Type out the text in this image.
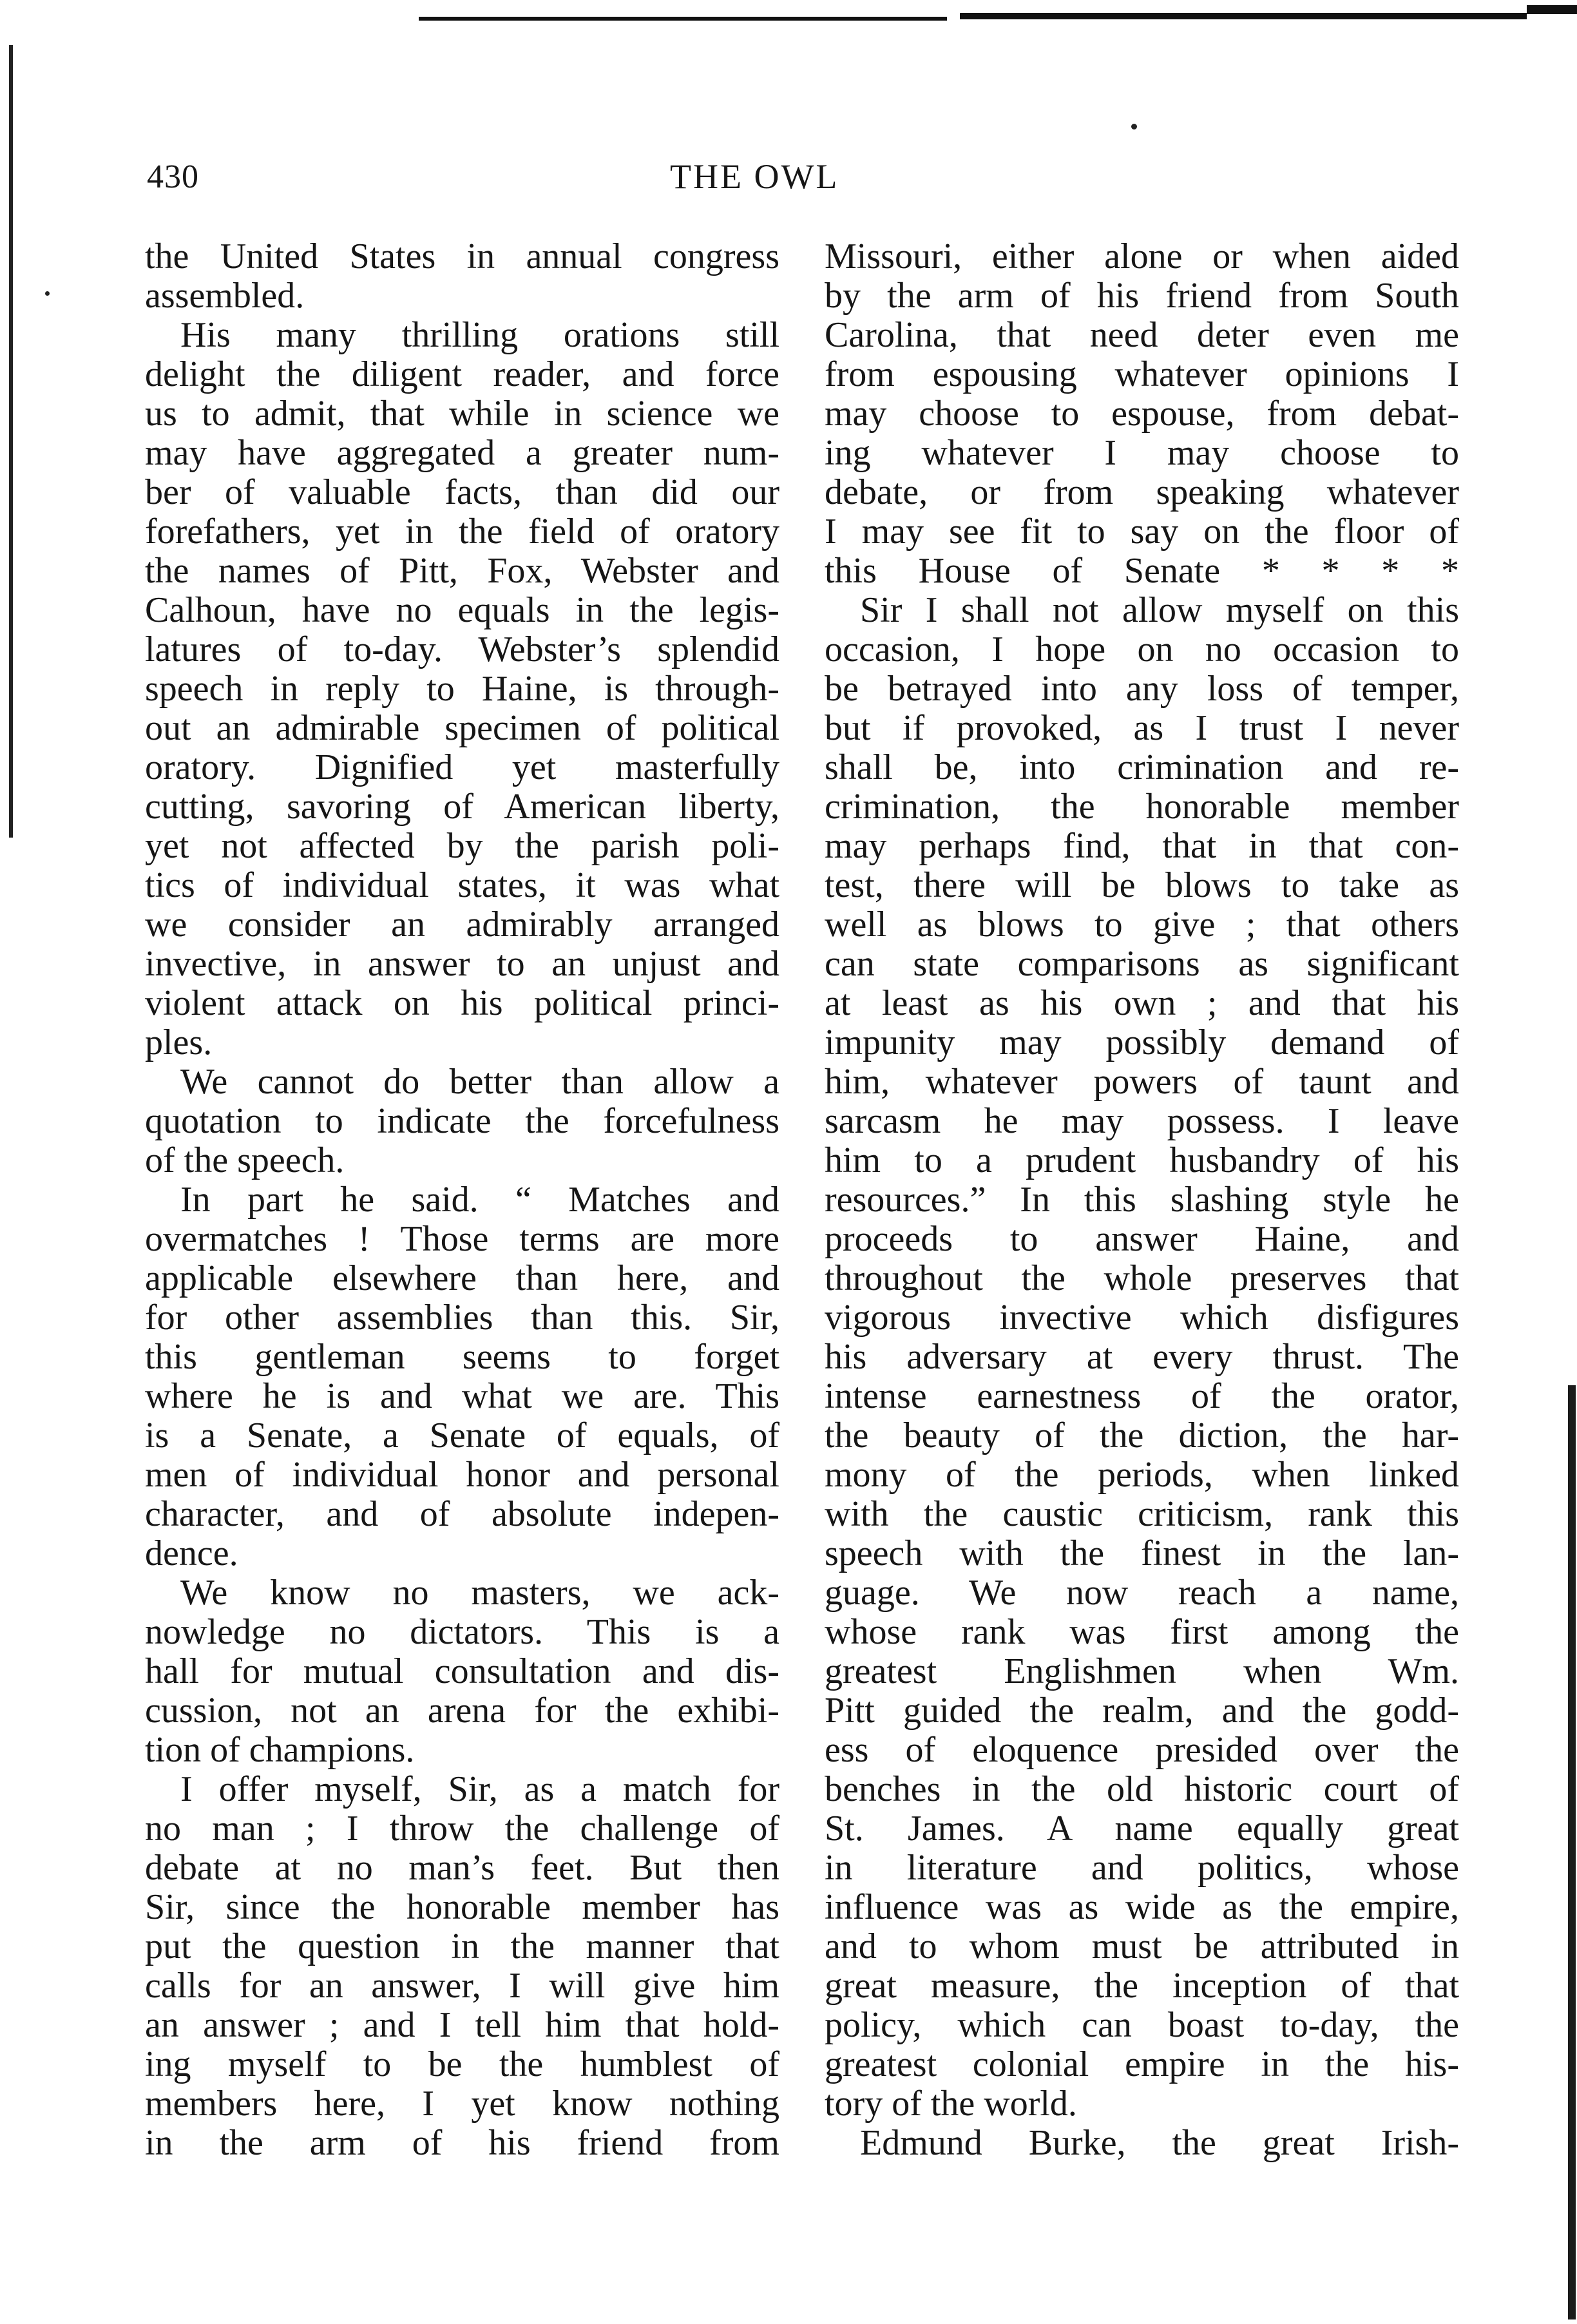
430	THE OWL
the United States in annual congress
assembled.
His many thrilling orations still
delight the diligent reader, and force
us to admit, that while in science we
may have aggregated a greater num-
ber of valuable facts, than did our
forefathers, yet in the field of oratory
the names of Pitt, Fox, Webster and
Calhoun, have no equals in the legis-
latures of to-day. Webster’s splendid
speech in reply to Haine, is through-
out an admirable specimen of political
oratory. Dignified yet masterfully
cutting, savoring of American liberty,
yet not affected by the parish poli-
tics of individual states, it was what
we consider an admirably arranged
invective, in answer to an unjust and
violent attack on his political princi-
ples.
We cannot do better than allow a
quotation to indicate the forcefulness
of the speech.
In part he said. “ Matches and
overmatches ! Those terms are more
applicable elsewhere than here, and
for other assemblies than this. Sir,
this gentleman seems to forget
where he is and what we are. This
is a Senate, a Senate of equals, of
men of individual honor and personal
character, and of absolute indepen-
dence.
We know no masters, we ack-
nowledge no dictators. This is a
hall for mutual consultation and dis-
cussion, not an arena for the exhibi-
tion of champions.
I offer myself, Sir, as a match for
no man ; I throw the challenge of
debate at no man’s feet. But then
Sir, since the honorable member has
put the question in the manner that
calls for an answer, I will give him
an answer ; and I tell him that hold-
ing myself to be the humblest of
members here, I yet know nothing
in the arm of his friend from
Missouri, either alone or when aided
by the arm of his friend from South
Carolina, that need deter even me
from espousing whatever opinions I
may choose to espouse, from debat-
ing whatever I may choose to
debate, or from speaking whatever
I may see fit to say on the floor of
this House of Senate * * * *
Sir I shall not allow myself on this
occasion, I hope on no occasion to
be betrayed into any loss of temper,
but if provoked, as I trust I never
shall be, into crimination and re-
crimination, the honorable member
may perhaps find, that in that con-
test, there will be blows to take as
well as blows to give ; that others
can state comparisons as significant
at least as his own ; and that his
impunity may possibly demand of
him, whatever powers of taunt and
sarcasm he may possess. I leave
him to a prudent husbandry of his
resources.” In this slashing style he
proceeds to answer Haine, and
throughout the whole preserves that
vigorous invective which disfigures
his adversary at every thrust. The
intense earnestness of the orator,
the beauty of the diction, the har-
mony of the periods, when linked
with the caustic criticism, rank this
speech with the finest in the lan-
guage. We now reach a name,
whose rank was first among the
greatest Englishmen when Wm.
Pitt guided the realm, and the godd-
ess of eloquence presided over the
benches in the old historic court of
St. James. A name equally great
in literature and politics, whose
influence was as wide as the empire,
and to whom must be attributed in
great measure, the inception of that
policy, which can boast to-day, the
greatest colonial empire in the his-
tory of the world.
Edmund Burke, the great Irish-
